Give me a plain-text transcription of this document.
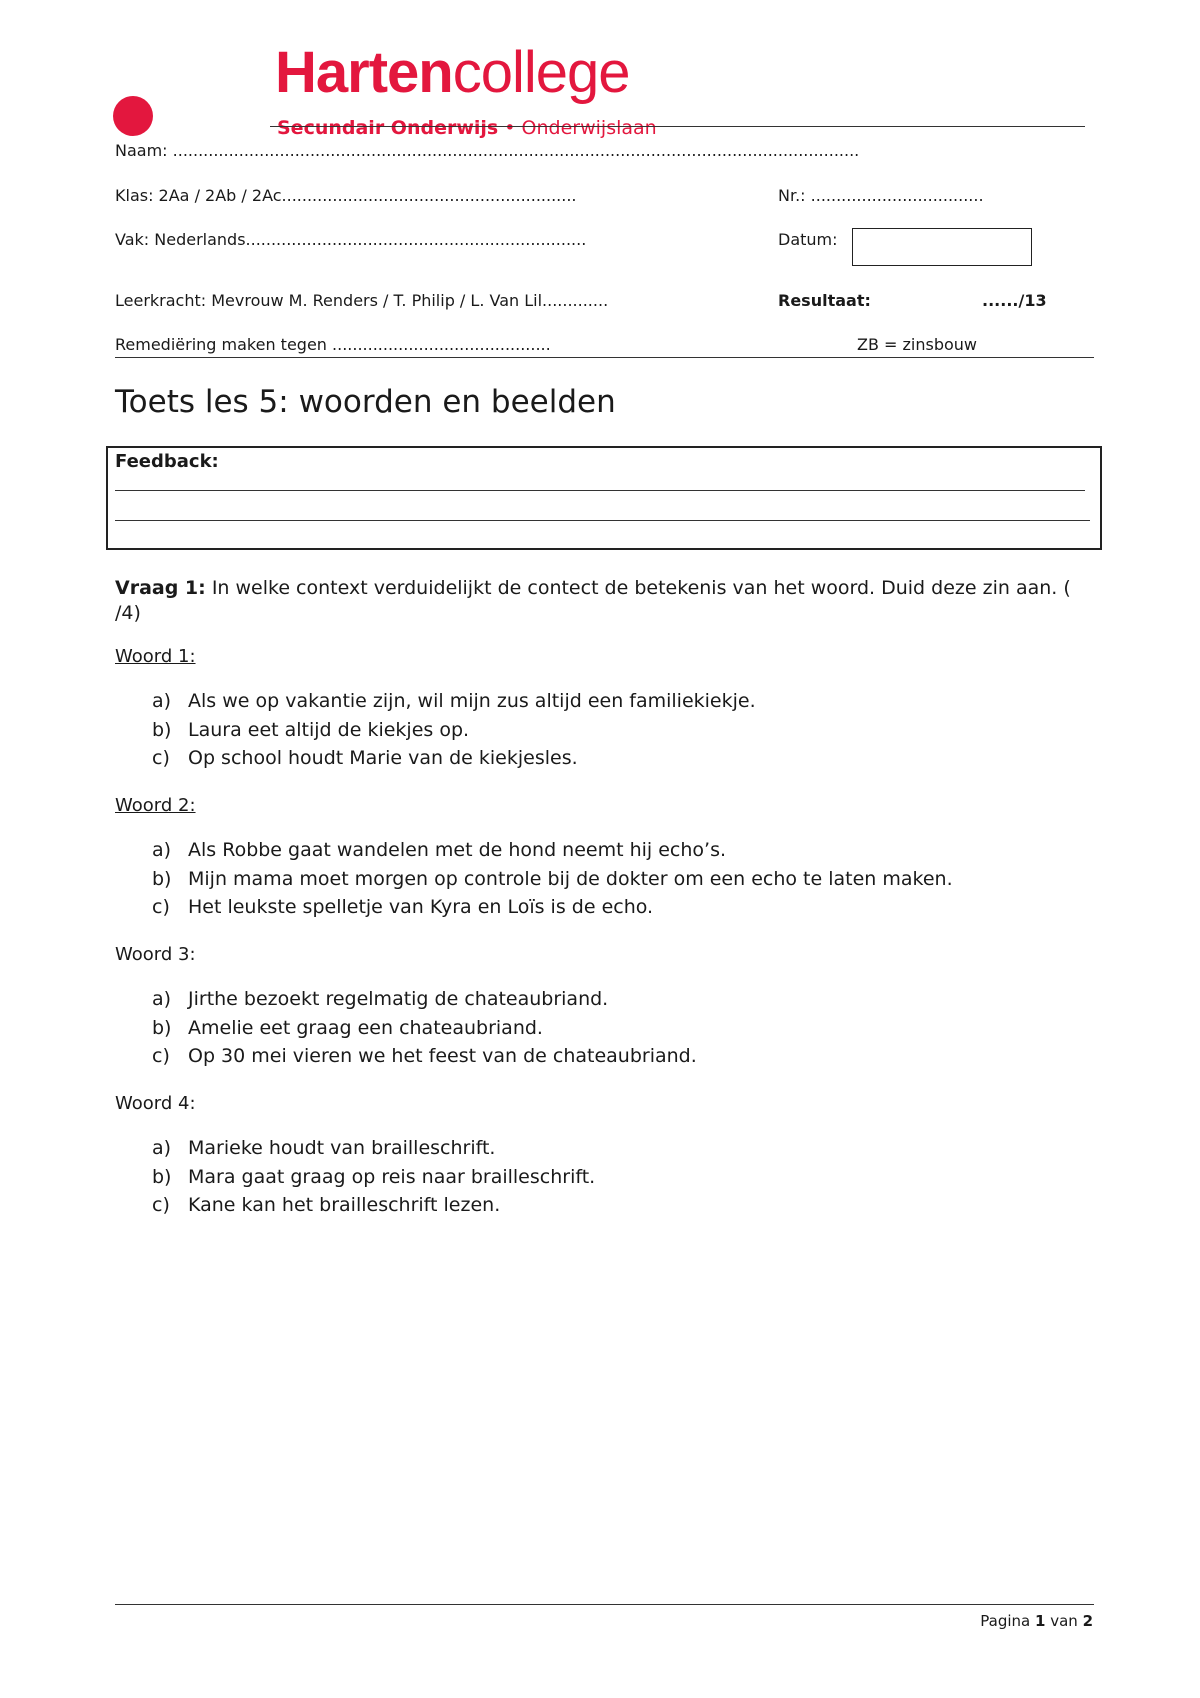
Hartencollege
Secundair Onderwijs • Onderwijslaan
Naam: .......................................................................................................................................
Klas: 2Aa / 2Ab / 2Ac..........................................................	Nr.: ..................................
Vak: Nederlands...................................................................	Datum:
Leerkracht: Mevrouw M. Renders / T. Philip / L. Van Lil.............	Resultaat:	....../13
Remediëring maken tegen ...........................................	ZB = zinsbouw
Toets les 5: woorden en beelden
Feedback:
Vraag 1: In welke context verduidelijkt de contect de betekenis van het woord. Duid deze zin aan. ( /4)
Woord 1:
a) Als we op vakantie zijn, wil mijn zus altijd een familiekiekje.
b) Laura eet altijd de kiekjes op.
c) Op school houdt Marie van de kiekjesles.
Woord 2:
a) Als Robbe gaat wandelen met de hond neemt hij echo’s.
b) Mijn mama moet morgen op controle bij de dokter om een echo te laten maken.
c) Het leukste spelletje van Kyra en Loïs is de echo.
Woord 3:
a) Jirthe bezoekt regelmatig de chateaubriand.
b) Amelie eet graag een chateaubriand.
c) Op 30 mei vieren we het feest van de chateaubriand.
Woord 4:
a) Marieke houdt van brailleschrift.
b) Mara gaat graag op reis naar brailleschrift.
c) Kane kan het brailleschrift lezen.
Pagina 1 van 2
